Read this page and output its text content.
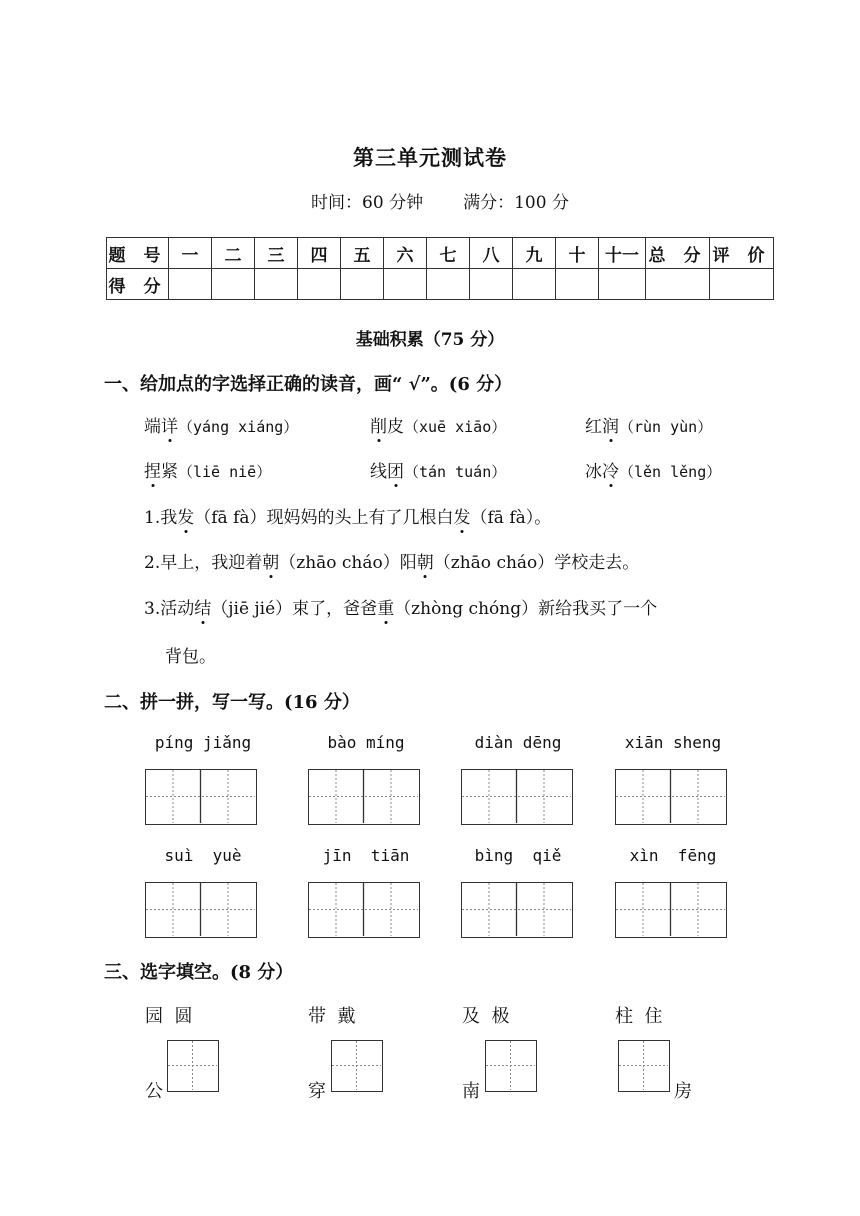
第三单元测试卷
时间：60 分钟 满分：100 分
题 号	一	二	三	四	五	六	七	八	九	十	十一	总 分	评 价
得 分													
基础积累（75 分）
一、给加点的字选择正确的读音，画“ √”。(6 分）
端详（yáng xiáng）	削皮（xuē xiāo）	红润（rùn yùn）
捏紧（liē niē）	线团（tán tuán）	冰冷（lěn lěng）
1.我发（fā fà）现妈妈的头上有了几根白发（fā fà）。
2.早上，我迎着朝（zhāo cháo）阳朝（zhāo cháo）学校走去。
3.活动结（jiē jié）束了，爸爸重（zhòng chóng）新给我买了一个
背包。
二、拼一拼，写一写。(16 分）
píng jiǎng	bào míng	diàn dēng	xiān sheng
suì  yuè	jīn  tiān	bìng  qiě	xìn  fēng
三、选字填空。(8 分）
园  圆	带  戴	及  极	柱  住
公	穿	南	房
